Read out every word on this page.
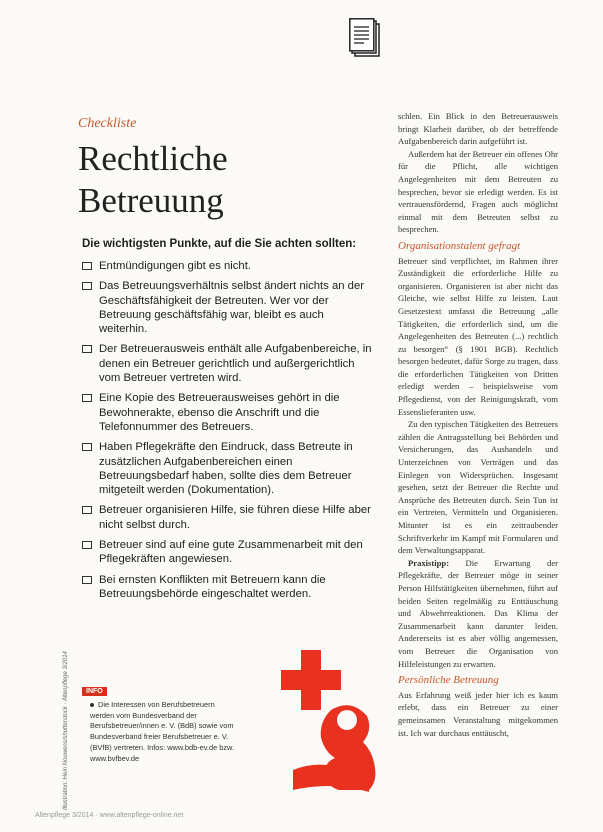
Checkliste
Rechtliche
Betreuung
Die wichtigsten Punkte, auf die Sie achten sollten:
Entmündigungen gibt es nicht.
Das Betreuungsverhältnis selbst ändert nichts an der Geschäftsfähigkeit der Betreuten. Wer vor der Betreuung geschäftsfähig war, bleibt es auch weiterhin.
Der Betreuerausweis enthält alle Aufgabenbereiche, in denen ein Betreuer gerichtlich und außergerichtlich vom Betreuer vertreten wird.
Eine Kopie des Betreuerausweises gehört in die Bewohnerakte, ebenso die Anschrift und die Telefonnummer des Betreuers.
Haben Pflegekräfte den Eindruck, dass Betreute in zusätzlichen Aufgabenbereichen einen Betreuungsbedarf haben, sollte dies dem Betreuer mitgeteilt werden (Dokumentation).
Betreuer organisieren Hilfe, sie führen diese Hilfe aber nicht selbst durch.
Betreuer sind auf eine gute Zusammenarbeit mit den Pflegekräften angewiesen.
Bei ernsten Konflikten mit Betreuern kann die Betreuungsbehörde eingeschaltet werden.
Illustration: Hein Nouwens/shutterstock · Altenpflege 3/2014	INFO
Die Interessen von Berufsbetreuern werden vom Bundesverband der Berufsbetreuer/innen e. V. (BdB) sowie vom Bundesverband freier Berufsbetreuer e. V. (BVfB) vertreten. Infos: www.bdb-ev.de bzw. www.bvfbev.de

schlen. Ein Blick in den Betreuerausweis bringt Klarheit darüber, ob der betreffende Aufgabenbereich darin aufgeführt ist.

Außerdem hat der Betreuer ein offenes Ohr für die Pflicht, alle wichtigen Angelegenheiten mit dem Betreuten zu besprechen, bevor sie erledigt werden. Es ist vertrauensfördernd, Fragen auch möglichst einmal mit dem Betreuten selbst zu besprechen.

Organisationstalent gefragt

Betreuer sind verpflichtet, im Rahmen ihrer Zuständigkeit die erforderliche Hilfe zu organisieren. Organisieren ist aber nicht das Gleiche, wie selbst Hilfe zu leisten. Laut Gesetzestext umfasst die Betreuung „alle Tätigkeiten, die erforderlich sind, um die Angelegenheiten des Betreuten (...) rechtlich zu besorgen“ (§ 1901 BGB). Rechtlich besorgen bedeutet, dafür Sorge zu tragen, dass die erforderlichen Tätigkeiten von Dritten erledigt werden – beispielsweise vom Pflegedienst, von der Reinigungskraft, vom Essenslieferanten usw.

Zu den typischen Tätigkeiten des Betreuers zählen die Antragsstellung bei Behörden und Versicherungen, das Aushandeln und Unterzeichnen von Verträgen und das Einlegen von Widersprüchen. Insgesamt gesehen, setzt der Betreuer die Rechte und Ansprüche des Betreuten durch. Sein Tun ist ein Vertreten, Vermitteln und Organisieren. Mitunter ist es ein zeitraubender Schriftverkehr im Kampf mit Formularen und dem Verwaltungsapparat.

Praxistipp: Die Erwartung der Pflegekräfte, der Betreuer möge in seiner Person Hilfstätigkeiten übernehmen, führt auf beiden Seiten regelmäßig zu Enttäuschung und Abwehrreaktionen. Das Klima der Zusammenarbeit kann darunter leiden. Andererseits ist es aber völlig angemessen, vom Betreuer die Organisation von Hilfeleistungen zu erwarten.

Persönliche Betreuung

Aus Erfahrung weiß jeder hier ich es kaum erlebt, dass ein Betreuer zu einer gemeinsamen Veranstaltung mitgekommen ist. Ich war durchaus enttäuscht,

Altenpflege 3/2014 · www.altenpflege-online.net
